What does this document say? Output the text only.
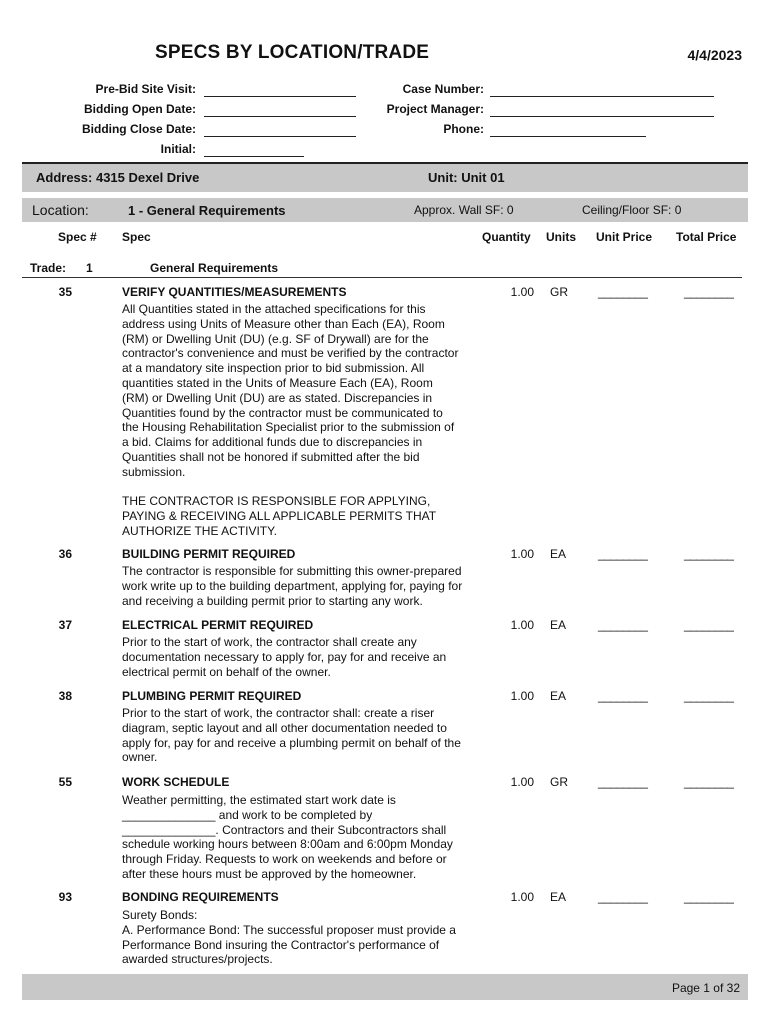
SPECS BY LOCATION/TRADE	4/4/2023
Pre-Bid Site Visit:
Bidding Open Date:
Bidding Close Date:
Initial:
Case Number:
Project Manager:
Phone:
Address: 4315 Dexel Drive	Unit: Unit 01
Location:	1 - General Requirements	Approx. Wall SF: 0	Ceiling/Floor SF: 0
Spec # Spec	Quantity Units Unit Price Total Price
Trade: 1	General Requirements
35	VERIFY QUANTITIES/MEASUREMENTS
All Quantities stated in the attached specifications for this
address using Units of Measure other than Each (EA), Room
(RM) or Dwelling Unit (DU) (e.g. SF of Drywall) are for the
contractor's convenience and must be verified by the contractor
at a mandatory site inspection prior to bid submission. All
quantities stated in the Units of Measure Each (EA), Room
(RM) or Dwelling Unit (DU) are as stated. Discrepancies in
Quantities found by the contractor must be communicated to
the Housing Rehabilitation Specialist prior to the submission of
a bid. Claims for additional funds due to discrepancies in
Quantities shall not be honored if submitted after the bid
submission.

THE CONTRACTOR IS RESPONSIBLE FOR APPLYING,
PAYING & RECEIVING ALL APPLICABLE PERMITS THAT
AUTHORIZE THE ACTIVITY.
1.00 GR	________	________
36	BUILDING PERMIT REQUIRED
The contractor is responsible for submitting this owner-prepared
work write up to the building department, applying for, paying for
and receiving a building permit prior to starting any work.
1.00 EA	________	________
37	ELECTRICAL PERMIT REQUIRED
Prior to the start of work, the contractor shall create any
documentation necessary to apply for, pay for and receive an
electrical permit on behalf of the owner.
1.00 EA	________	________
38	PLUMBING PERMIT REQUIRED
Prior to the start of work, the contractor shall: create a riser
diagram, septic layout and all other documentation needed to
apply for, pay for and receive a plumbing permit on behalf of the
owner.
1.00 EA	________	________
55	WORK SCHEDULE
Weather permitting, the estimated start work date is
______________ and work to be completed by
______________. Contractors and their Subcontractors shall
schedule working hours between 8:00am and 6:00pm Monday
through Friday. Requests to work on weekends and before or
after these hours must be approved by the homeowner.
1.00 GR	________	________
93	BONDING REQUIREMENTS
Surety Bonds:
A. Performance Bond: The successful proposer must provide a
Performance Bond insuring the Contractor's performance of
awarded structures/projects.
1.00 EA	________	________
Page 1 of 32
